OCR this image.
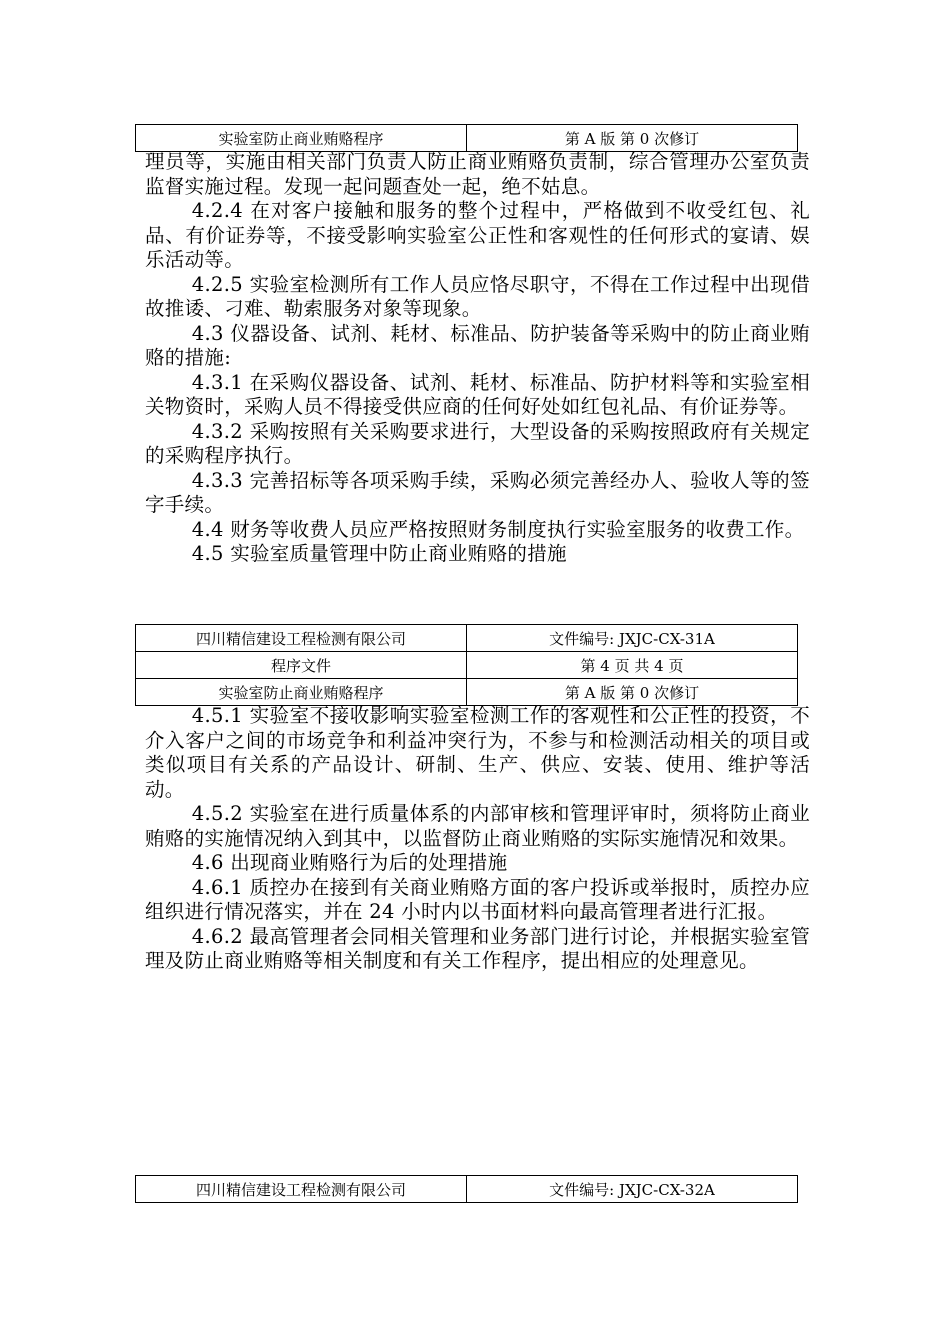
实验室防止商业贿赂程序	第 A 版 第 0 次修订

理员等，实施由相关部门负责人防止商业贿赂负责制，综合管理办公室负责监督实施过程。发现一起问题查处一起，绝不姑息。

4.2.4 在对客户接触和服务的整个过程中，严格做到不收受红包、礼品、有价证券等，不接受影响实验室公正性和客观性的任何形式的宴请、娱乐活动等。

4.2.5 实验室检测所有工作人员应恪尽职守，不得在工作过程中出现借故推诿、刁难、勒索服务对象等现象。

4.3 仪器设备、试剂、耗材、标准品、防护装备等采购中的防止商业贿赂的措施:

4.3.1 在采购仪器设备、试剂、耗材、标准品、防护材料等和实验室相关物资时，采购人员不得接受供应商的任何好处如红包礼品、有价证券等。

4.3.2 采购按照有关采购要求进行，大型设备的采购按照政府有关规定的采购程序执行。

4.3.3 完善招标等各项采购手续，采购必须完善经办人、验收人等的签字手续。

4.4 财务等收费人员应严格按照财务制度执行实验室服务的收费工作。

4.5 实验室质量管理中防止商业贿赂的措施

四川精信建设工程检测有限公司	文件编号: JXJC-CX-31A
程序文件	第 4 页 共 4 页
实验室防止商业贿赂程序	第 A 版 第 0 次修订

4.5.1 实验室不接收影响实验室检测工作的客观性和公正性的投资，不介入客户之间的市场竞争和利益冲突行为，不参与和检测活动相关的项目或类似项目有关系的产品设计、研制、生产、供应、安装、使用、维护等活动。

4.5.2 实验室在进行质量体系的内部审核和管理评审时，须将防止商业贿赂的实施情况纳入到其中，以监督防止商业贿赂的实际实施情况和效果。

4.6 出现商业贿赂行为后的处理措施

4.6.1 质控办在接到有关商业贿赂方面的客户投诉或举报时，质控办应组织进行情况落实，并在 24 小时内以书面材料向最高管理者进行汇报。

4.6.2 最高管理者会同相关管理和业务部门进行讨论，并根据实验室管理及防止商业贿赂等相关制度和有关工作程序，提出相应的处理意见。

四川精信建设工程检测有限公司	文件编号: JXJC-CX-32A
